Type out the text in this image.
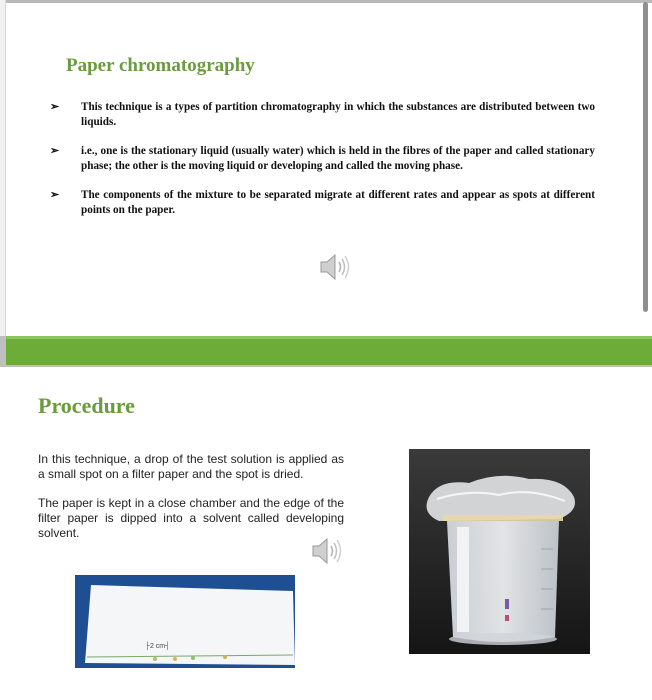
Paper chromatography
➢ This technique is a types of partition chromatography in which the substances are distributed between two liquids.
➢ i.e., one is the stationary liquid (usually water) which is held in the fibres of the paper and called stationary phase; the other is the moving liquid or developing and called the moving phase.
➢ The components of the mixture to be separated migrate at different rates and appear as spots at different points on the paper.
Procedure

In this technique, a drop of the test solution is applied as a small spot on a filter paper and the spot is dried.

The paper is kept in a close chamber and the edge of the filter paper is dipped into a solvent called developing solvent.

├2 cm┤
